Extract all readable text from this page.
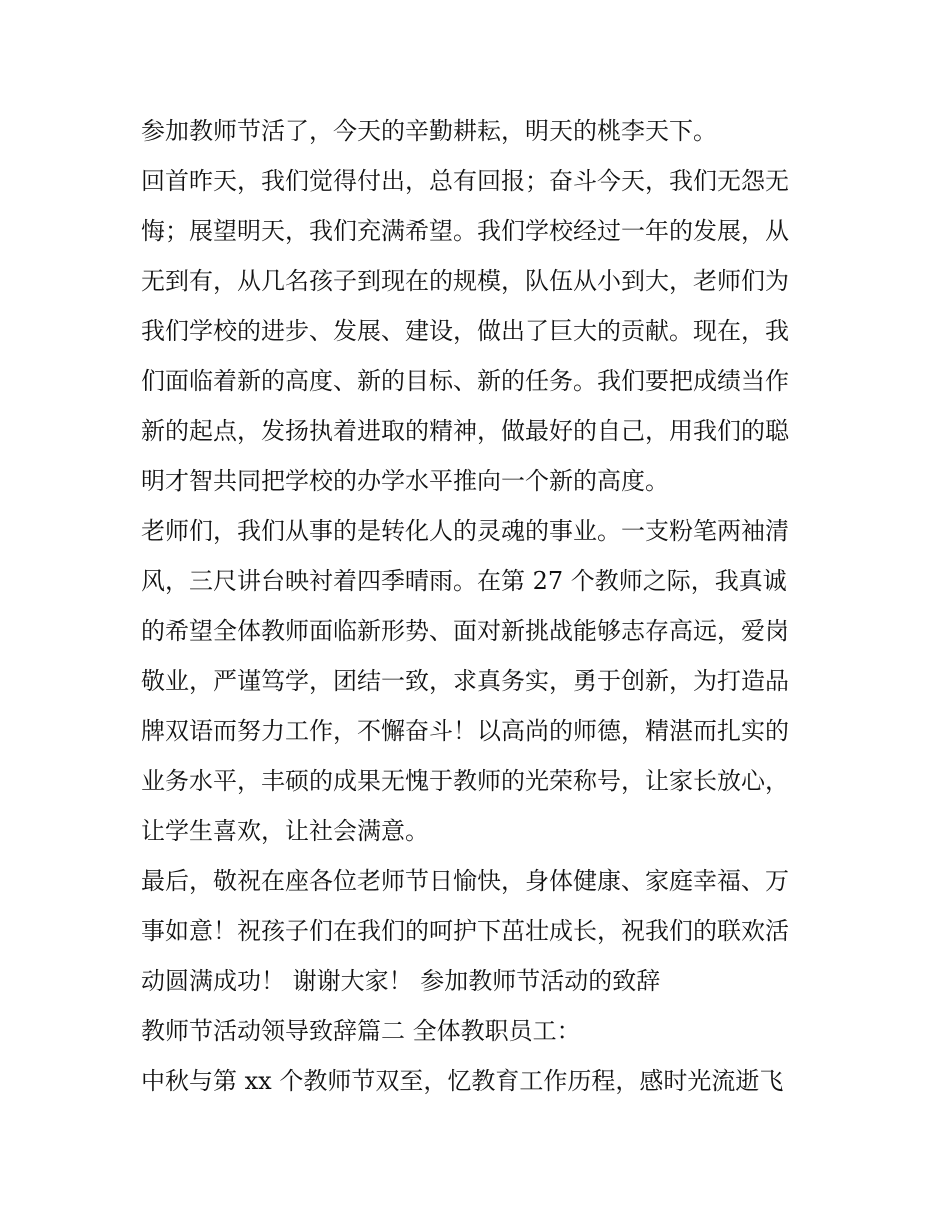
参加教师节活了，今天的辛勤耕耘，明天的桃李天下。
回首昨天，我们觉得付出，总有回报；奋斗今天，我们无怨无
悔；展望明天，我们充满希望。我们学校经过一年的发展，从
无到有，从几名孩子到现在的规模，队伍从小到大，老师们为
我们学校的进步、发展、建设，做出了巨大的贡献。现在，我
们面临着新的高度、新的目标、新的任务。我们要把成绩当作
新的起点，发扬执着进取的精神，做最好的自己，用我们的聪
明才智共同把学校的办学水平推向一个新的高度。
老师们，我们从事的是转化人的灵魂的事业。一支粉笔两袖清
风，三尺讲台映衬着四季晴雨。在第 27 个教师之际，我真诚
的希望全体教师面临新形势、面对新挑战能够志存高远，爱岗
敬业，严谨笃学，团结一致，求真务实，勇于创新，为打造品
牌双语而努力工作，不懈奋斗！以高尚的师德，精湛而扎实的
业务水平，丰硕的成果无愧于教师的光荣称号，让家长放心，
让学生喜欢，让社会满意。
最后，敬祝在座各位老师节日愉快，身体健康、家庭幸福、万
事如意！祝孩子们在我们的呵护下茁壮成长，祝我们的联欢活
动圆满成功！ 谢谢大家！ 参加教师节活动的致辞
教师节活动领导致辞篇二 全体教职员工：
中秋与第 xx 个教师节双至，忆教育工作历程，感时光流逝飞
